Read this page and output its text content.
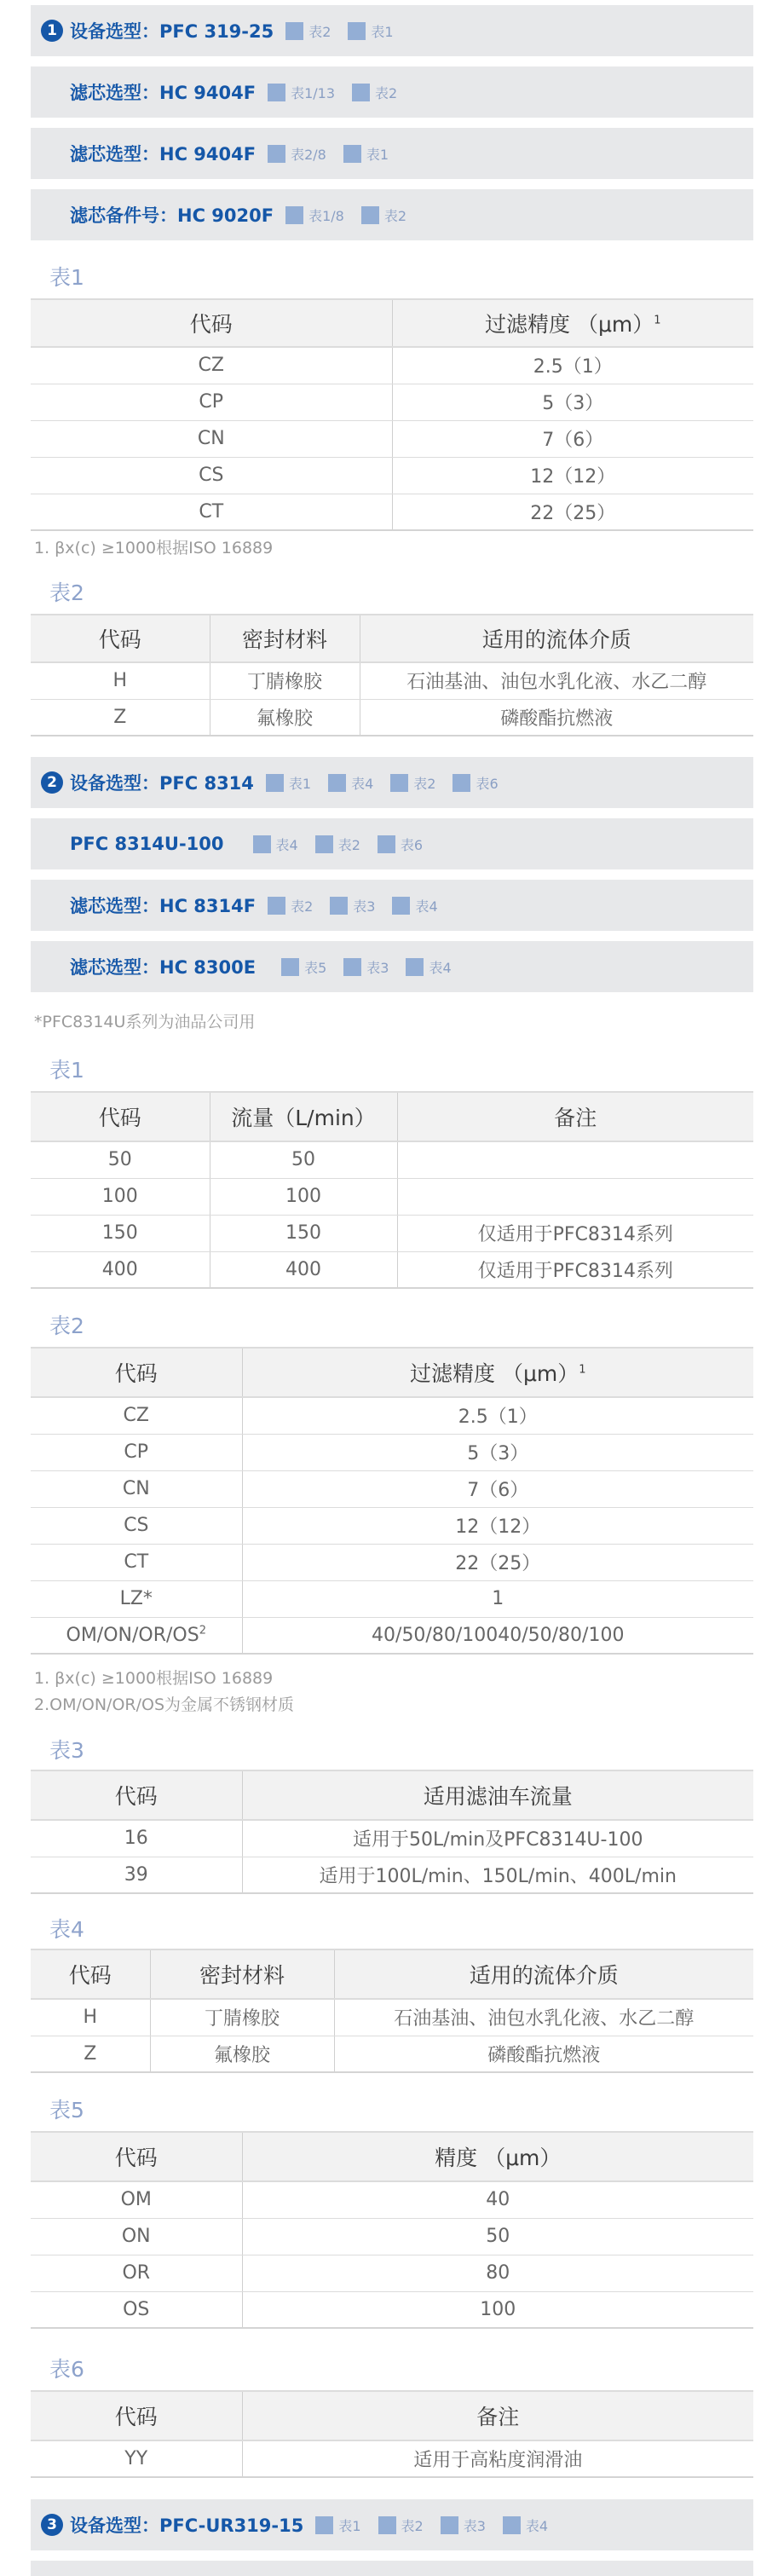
1 设备选型：PFC 319-25	表2	表1
滤芯选型：HC 9404F	表1/13	表2
滤芯选型：HC 9404F	表2/8	表1
滤芯备件号：HC 9020F	表1/8	表2
表1
代码	过滤精度 $(\mu m)^1$
CZ	2.5（1）
CP	5（3）
CN	7（6）
CS	12（12）
CT	22（25）
1. βx(c) ≥1000根据ISO 16889
表2
代码	密封材料	适用的流体介质
H	丁腈橡胶	石油基油、油包水乳化液、水乙二醇
Z	氟橡胶	磷酸酯抗燃液
2 设备选型：PFC 8314	表1	表4	表2	表6
PFC 8314U-100	表4	表2	表6
滤芯选型：HC 8314F	表2	表3	表4
滤芯选型：HC 8300E	表5	表3	表4
*PFC8314U系列为油品公司用
表1
代码	流量（L/min）	备注
50	50	
100	100	
150	150	仅适用于PFC8314系列
400	400	仅适用于PFC8314系列
表2
代码	过滤精度 $(\mu m)^1$
CZ	2.5（1）
CP	5（3）
CN	7（6）
CS	12（12）
CT	22（25）
LZ*	1
$OM/ON/OR/OS^2$	40/50/80/10040/50/80/100
1. βx(c) ≥1000根据ISO 16889
2.OM/ON/OR/OS为金属不锈钢材质
表3
代码	适用滤油车流量
16	适用于50L/min及PFC8314U-100
39	适用于100L/min、150L/min、400L/min
表4
代码	密封材料	适用的流体介质
H	丁腈橡胶	石油基油、油包水乳化液、水乙二醇
Z	氟橡胶	磷酸酯抗燃液
表5
代码	精度 （μm）
OM	40
ON	50
OR	80
OS	100
表6
代码	备注
YY	适用于高粘度润滑油
3 设备选型：PFC-UR319-15	表1	表2	表3	表4
